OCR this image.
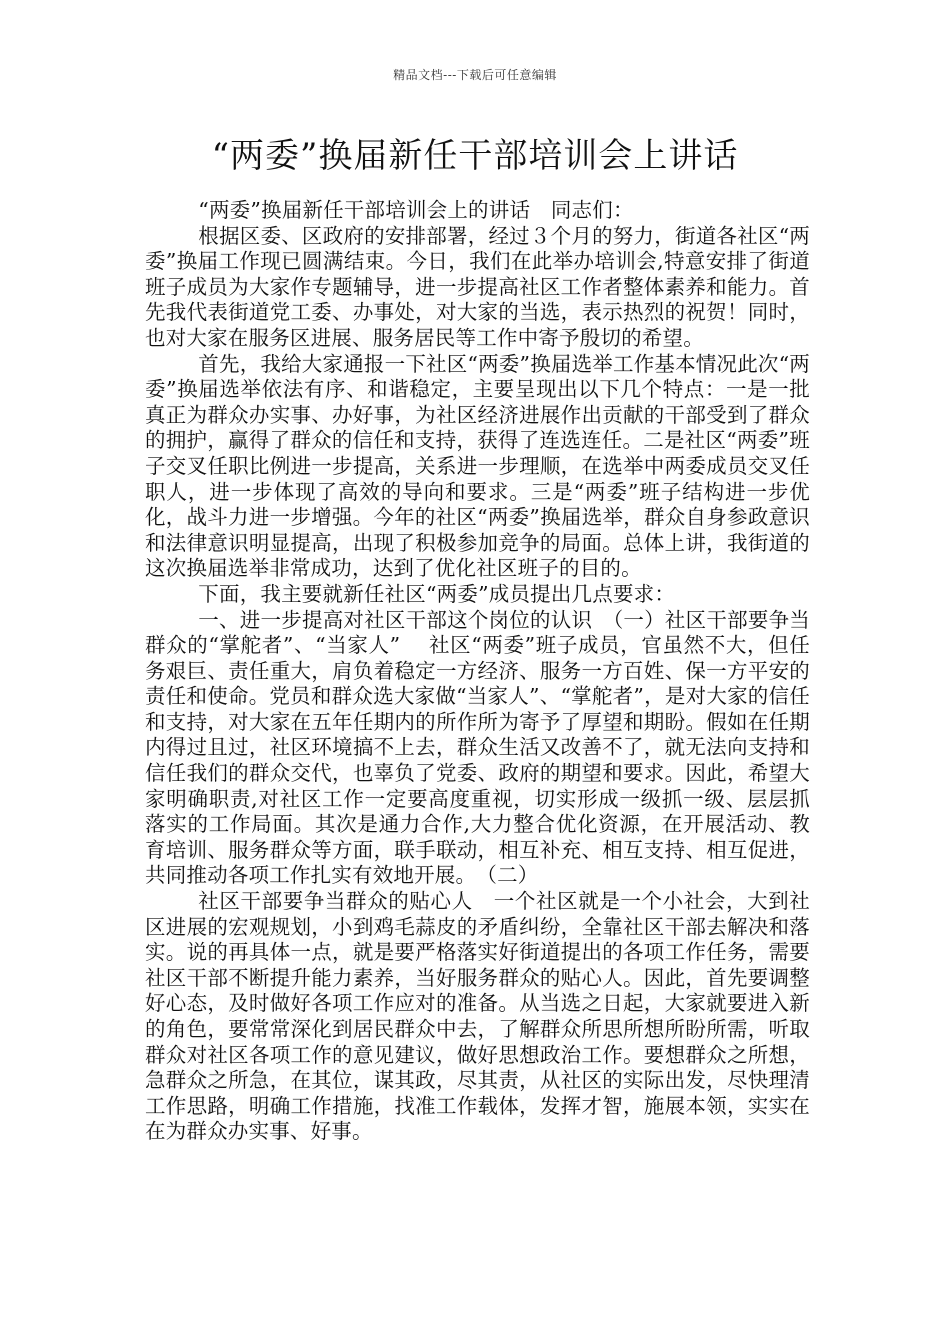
精品文档---下载后可任意编辑
“两委”换届新任干部培训会上讲话

“两委”换届新任干部培训会上的讲话　同志们：

根据区委、区政府的安排部署，经过３个月的努力，街道各社区“两委”换届工作现已圆满结束。今日，我们在此举办培训会,特意安排了街道班子成员为大家作专题辅导，进一步提高社区工作者整体素养和能力。首先我代表街道党工委、办事处，对大家的当选，表示热烈的祝贺！同时，也对大家在服务区进展、服务居民等工作中寄予殷切的希望。

首先，我给大家通报一下社区“两委”换届选举工作基本情况此次“两委”换届选举依法有序、和谐稳定，主要呈现出以下几个特点：一是一批真正为群众办实事、办好事，为社区经济进展作出贡献的干部受到了群众的拥护，赢得了群众的信任和支持，获得了连选连任。二是社区“两委”班子交叉任职比例进一步提高，关系进一步理顺，在选举中两委成员交叉任职人，进一步体现了高效的导向和要求。三是“两委”班子结构进一步优化，战斗力进一步增强。今年的社区“两委”换届选举，群众自身参政意识和法律意识明显提高，出现了积极参加竞争的局面。总体上讲，我街道的这次换届选举非常成功，达到了优化社区班子的目的。

下面，我主要就新任社区“两委”成员提出几点要求：

一、进一步提高对社区干部这个岗位的认识　（一）社区干部要争当群众的“掌舵者”、“当家人”　 社区“两委”班子成员，官虽然不大，但任务艰巨、责任重大，肩负着稳定一方经济、服务一方百姓、保一方平安的责任和使命。党员和群众选大家做“当家人”、“掌舵者”，是对大家的信任和支持，对大家在五年任期内的所作所为寄予了厚望和期盼。假如在任期内得过且过，社区环境搞不上去，群众生活又改善不了，就无法向支持和信任我们的群众交代，也辜负了党委、政府的期望和要求。因此，希望大家明确职责,对社区工作一定要高度重视，切实形成一级抓一级、层层抓落实的工作局面。其次是通力合作,大力整合优化资源，在开展活动、教育培训、服务群众等方面，联手联动，相互补充、相互支持、相互促进，共同推动各项工作扎实有效地开展。　（二）

社区干部要争当群众的贴心人　一个社区就是一个小社会，大到社区进展的宏观规划，小到鸡毛蒜皮的矛盾纠纷，全靠社区干部去解决和落实。说的再具体一点，就是要严格落实好街道提出的各项工作任务，需要社区干部不断提升能力素养，当好服务群众的贴心人。因此，首先要调整好心态，及时做好各项工作应对的准备。从当选之日起，大家就要进入新的角色，要常常深化到居民群众中去，了解群众所思所想所盼所需，听取群众对社区各项工作的意见建议，做好思想政治工作。要想群众之所想，急群众之所急，在其位，谋其政，尽其责，从社区的实际出发，尽快理清工作思路，明确工作措施，找准工作载体，发挥才智，施展本领，实实在在为群众办实事、好事。
